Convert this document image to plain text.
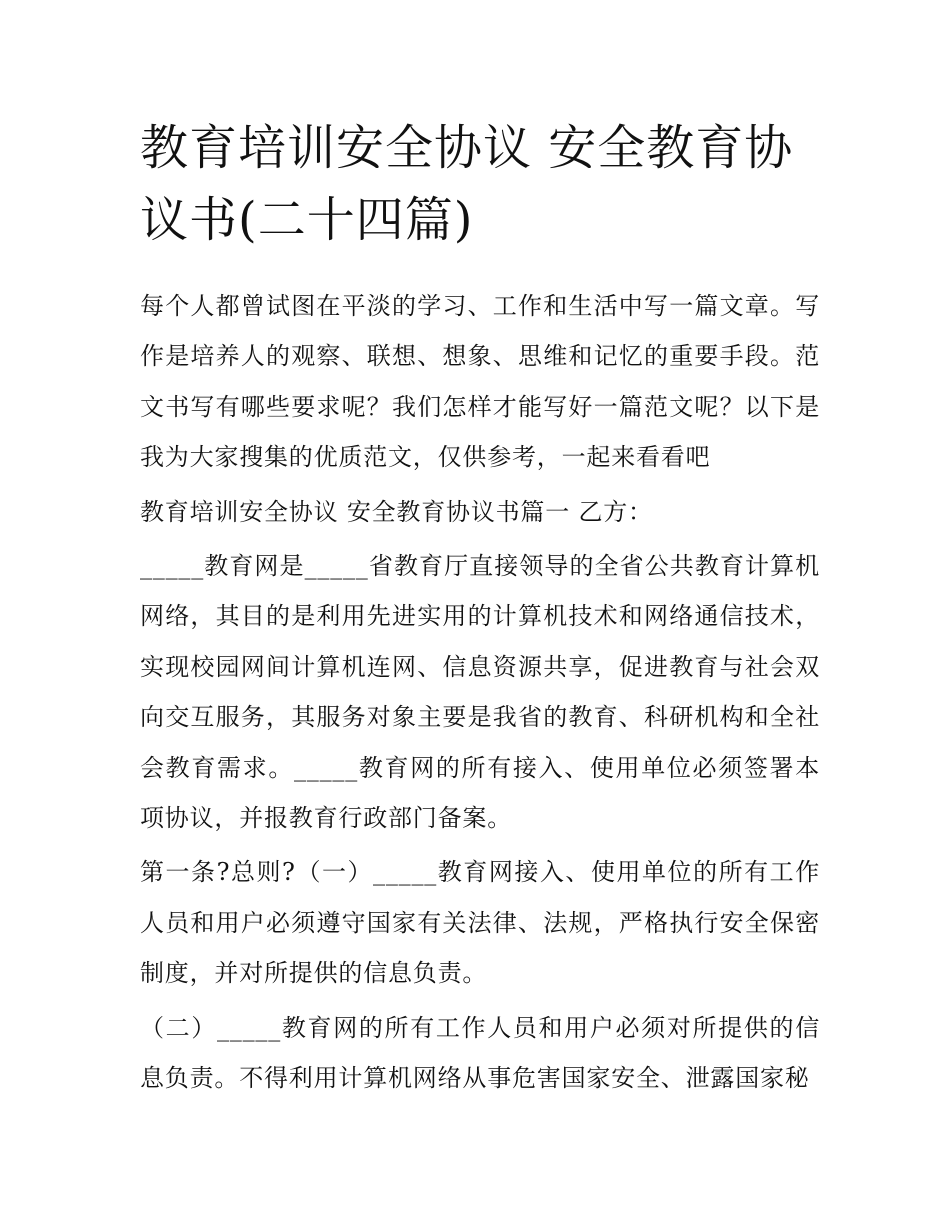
教育培训安全协议 安全教育协议书(二十四篇)

每个人都曾试图在平淡的学习、工作和生活中写一篇文章。写作是培养人的观察、联想、想象、思维和记忆的重要手段。范文书写有哪些要求呢？我们怎样才能写好一篇范文呢？以下是我为大家搜集的优质范文，仅供参考，一起来看看吧

教育培训安全协议 安全教育协议书篇一 乙方：

_____教育网是_____省教育厅直接领导的全省公共教育计算机网络，其目的是利用先进实用的计算机技术和网络通信技术，实现校园网间计算机连网、信息资源共享，促进教育与社会双向交互服务，其服务对象主要是我省的教育、科研机构和全社会教育需求。_____教育网的所有接入、使用单位必须签署本项协议，并报教育行政部门备案。

第一条?总则?（一）_____教育网接入、使用单位的所有工作人员和用户必须遵守国家有关法律、法规，严格执行安全保密制度，并对所提供的信息负责。

（二）_____教育网的所有工作人员和用户必须对所提供的信息负责。不得利用计算机网络从事危害国家安全、泄露国家秘
